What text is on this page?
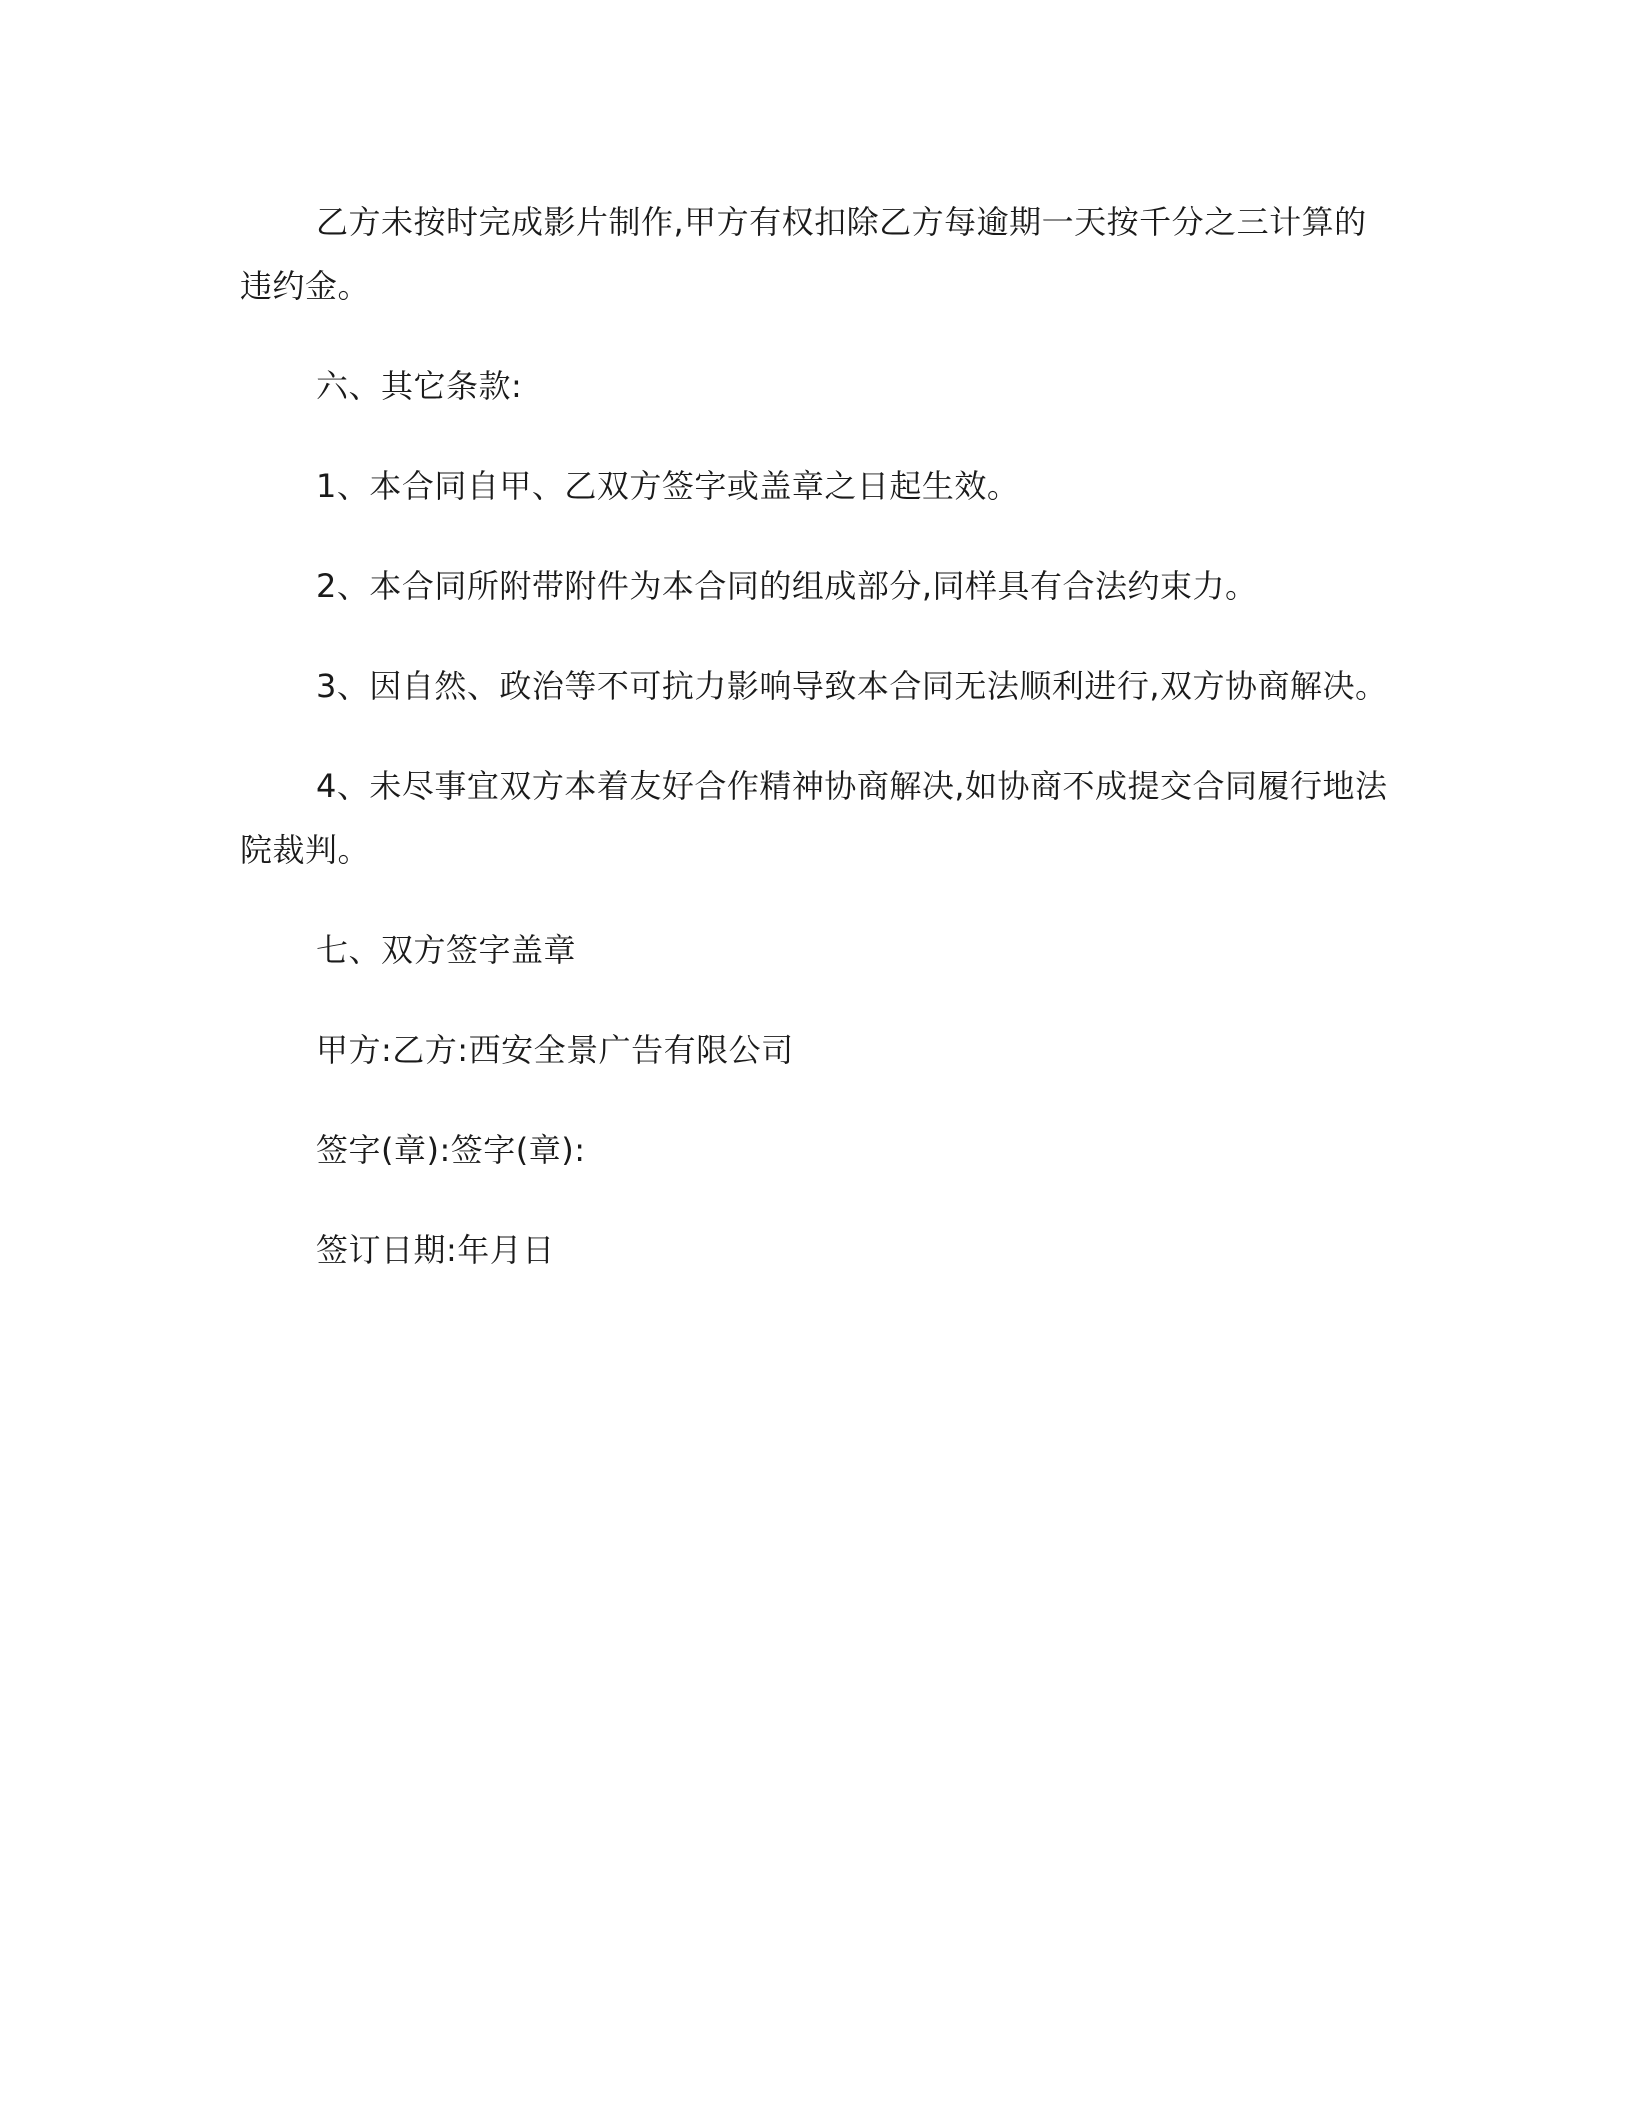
乙方未按时完成影片制作,甲方有权扣除乙方每逾期一天按千分之三计算的违约金。

六、其它条款:

1、本合同自甲、乙双方签字或盖章之日起生效。

2、本合同所附带附件为本合同的组成部分,同样具有合法约束力。

3、因自然、政治等不可抗力影响导致本合同无法顺利进行,双方协商解决。

4、未尽事宜双方本着友好合作精神协商解决,如协商不成提交合同履行地法院裁判。

七、双方签字盖章

甲方:乙方:西安全景广告有限公司

签字(章):签字(章):

签订日期:年月日
